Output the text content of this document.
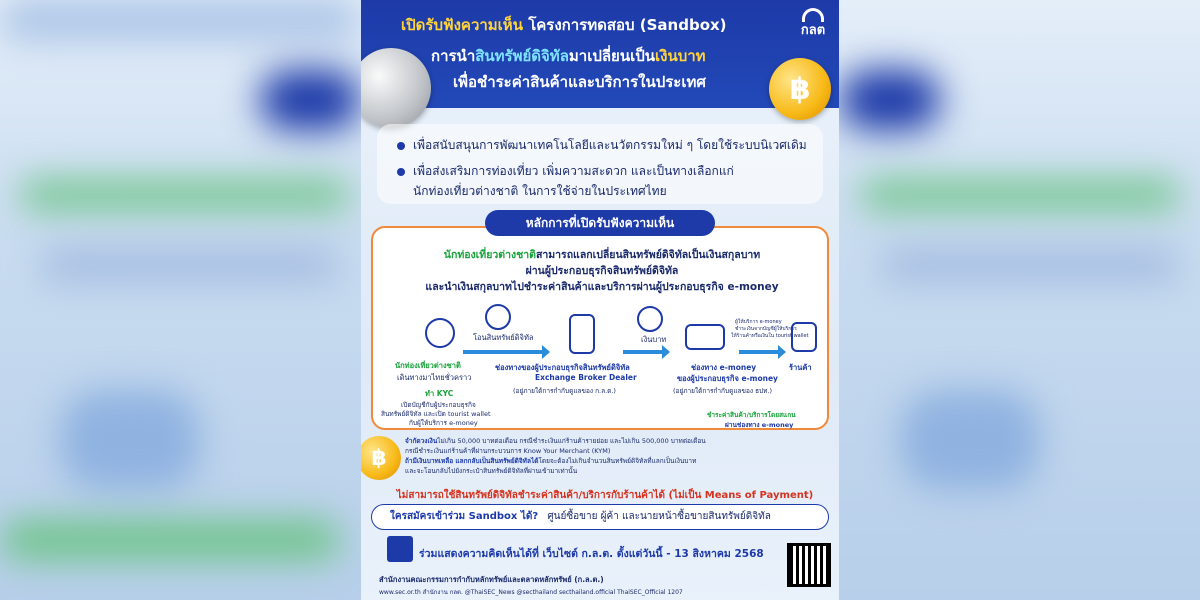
เปิดรับฟังความเห็น โครงการทดสอบ (Sandbox)
การนำสินทรัพย์ดิจิทัลมาเปลี่ยนเป็นเงินบาท
เพื่อชำระค่าสินค้าและบริการในประเทศ
กลต
฿
เพื่อสนับสนุนการพัฒนาเทคโนโลยีและนวัตกรรมใหม่ ๆ โดยใช้ระบบนิเวศเดิม
เพื่อส่งเสริมการท่องเที่ยว เพิ่มความสะดวก และเป็นทางเลือกแก่
นักท่องเที่ยวต่างชาติ ในการใช้จ่ายในประเทศไทย
นักท่องเที่ยวต่างชาติสามารถแลกเปลี่ยนสินทรัพย์ดิจิทัลเป็นเงินสกุลบาท
ผ่านผู้ประกอบธุรกิจสินทรัพย์ดิจิทัล
และนำเงินสกุลบาทไปชำระค่าสินค้าและบริการผ่านผู้ประกอบธุรกิจ e-money
โอนสินทรัพย์ดิจิทัล	เงินบาท
ผู้ให้บริการ e-money
ชำระเงินจากบัญชีผู้ให้บริการ
ให้ร้านค้าหรือเงินใน tourist wallet
นักท่องเที่ยวต่างชาติ
เดินทางมาไทยชั่วคราว
ทำ KYC
เปิดบัญชีกับผู้ประกอบธุรกิจ
สินทรัพย์ดิจิทัล และเปิด tourist wallet
กับผู้ให้บริการ e-money
ช่องทางของผู้ประกอบธุรกิจสินทรัพย์ดิจิทัล
Exchange Broker Dealer
(อยู่ภายใต้การกำกับดูแลของ ก.ล.ต.)
ช่องทาง e-money
ของผู้ประกอบธุรกิจ e-money
(อยู่ภายใต้การกำกับดูแลของ ธปท.)
ร้านค้า
ชำระค่าสินค้า/บริการโดยสแกน
ผ่านช่องทาง e-money
หลักการที่เปิดรับฟังความเห็น
฿
จำกัดวงเงินไม่เกิน 50,000 บาทต่อเดือน กรณีชำระเงินแก่ร้านค้ารายย่อย และไม่เกิน 500,000 บาทต่อเดือน
กรณีชำระเงินแก่ร้านค้าที่ผ่านกระบวนการ Know Your Merchant (KYM)
ถ้ามีเงินบาทเหลือ แลกกลับเป็นสินทรัพย์ดิจิทัลได้โดยจะต้องไม่เกินจำนวนสินทรัพย์ดิจิทัลที่แลกเป็นเงินบาท
และจะโอนกลับไปยังกระเป๋าสินทรัพย์ดิจิทัลที่ผ่านเข้ามาเท่านั้น
ไม่สามารถใช้สินทรัพย์ดิจิทัลชำระค่าสินค้า/บริการกับร้านค้าได้ (ไม่เป็น Means of Payment)
ใครสมัครเข้าร่วม Sandbox ได้? ศูนย์ซื้อขาย ผู้ค้า และนายหน้าซื้อขายสินทรัพย์ดิจิทัล
ร่วมแสดงความคิดเห็นได้ที่ เว็บไซต์ ก.ล.ต. ตั้งแต่วันนี้ - 13 สิงหาคม 2568
สำนักงานคณะกรรมการกำกับหลักทรัพย์และตลาดหลักทรัพย์ (ก.ล.ต.)
www.sec.or.th สำนักงาน กลต. @ThaiSEC_News @secthailand secthailand.official ThaiSEC_Official 1207
